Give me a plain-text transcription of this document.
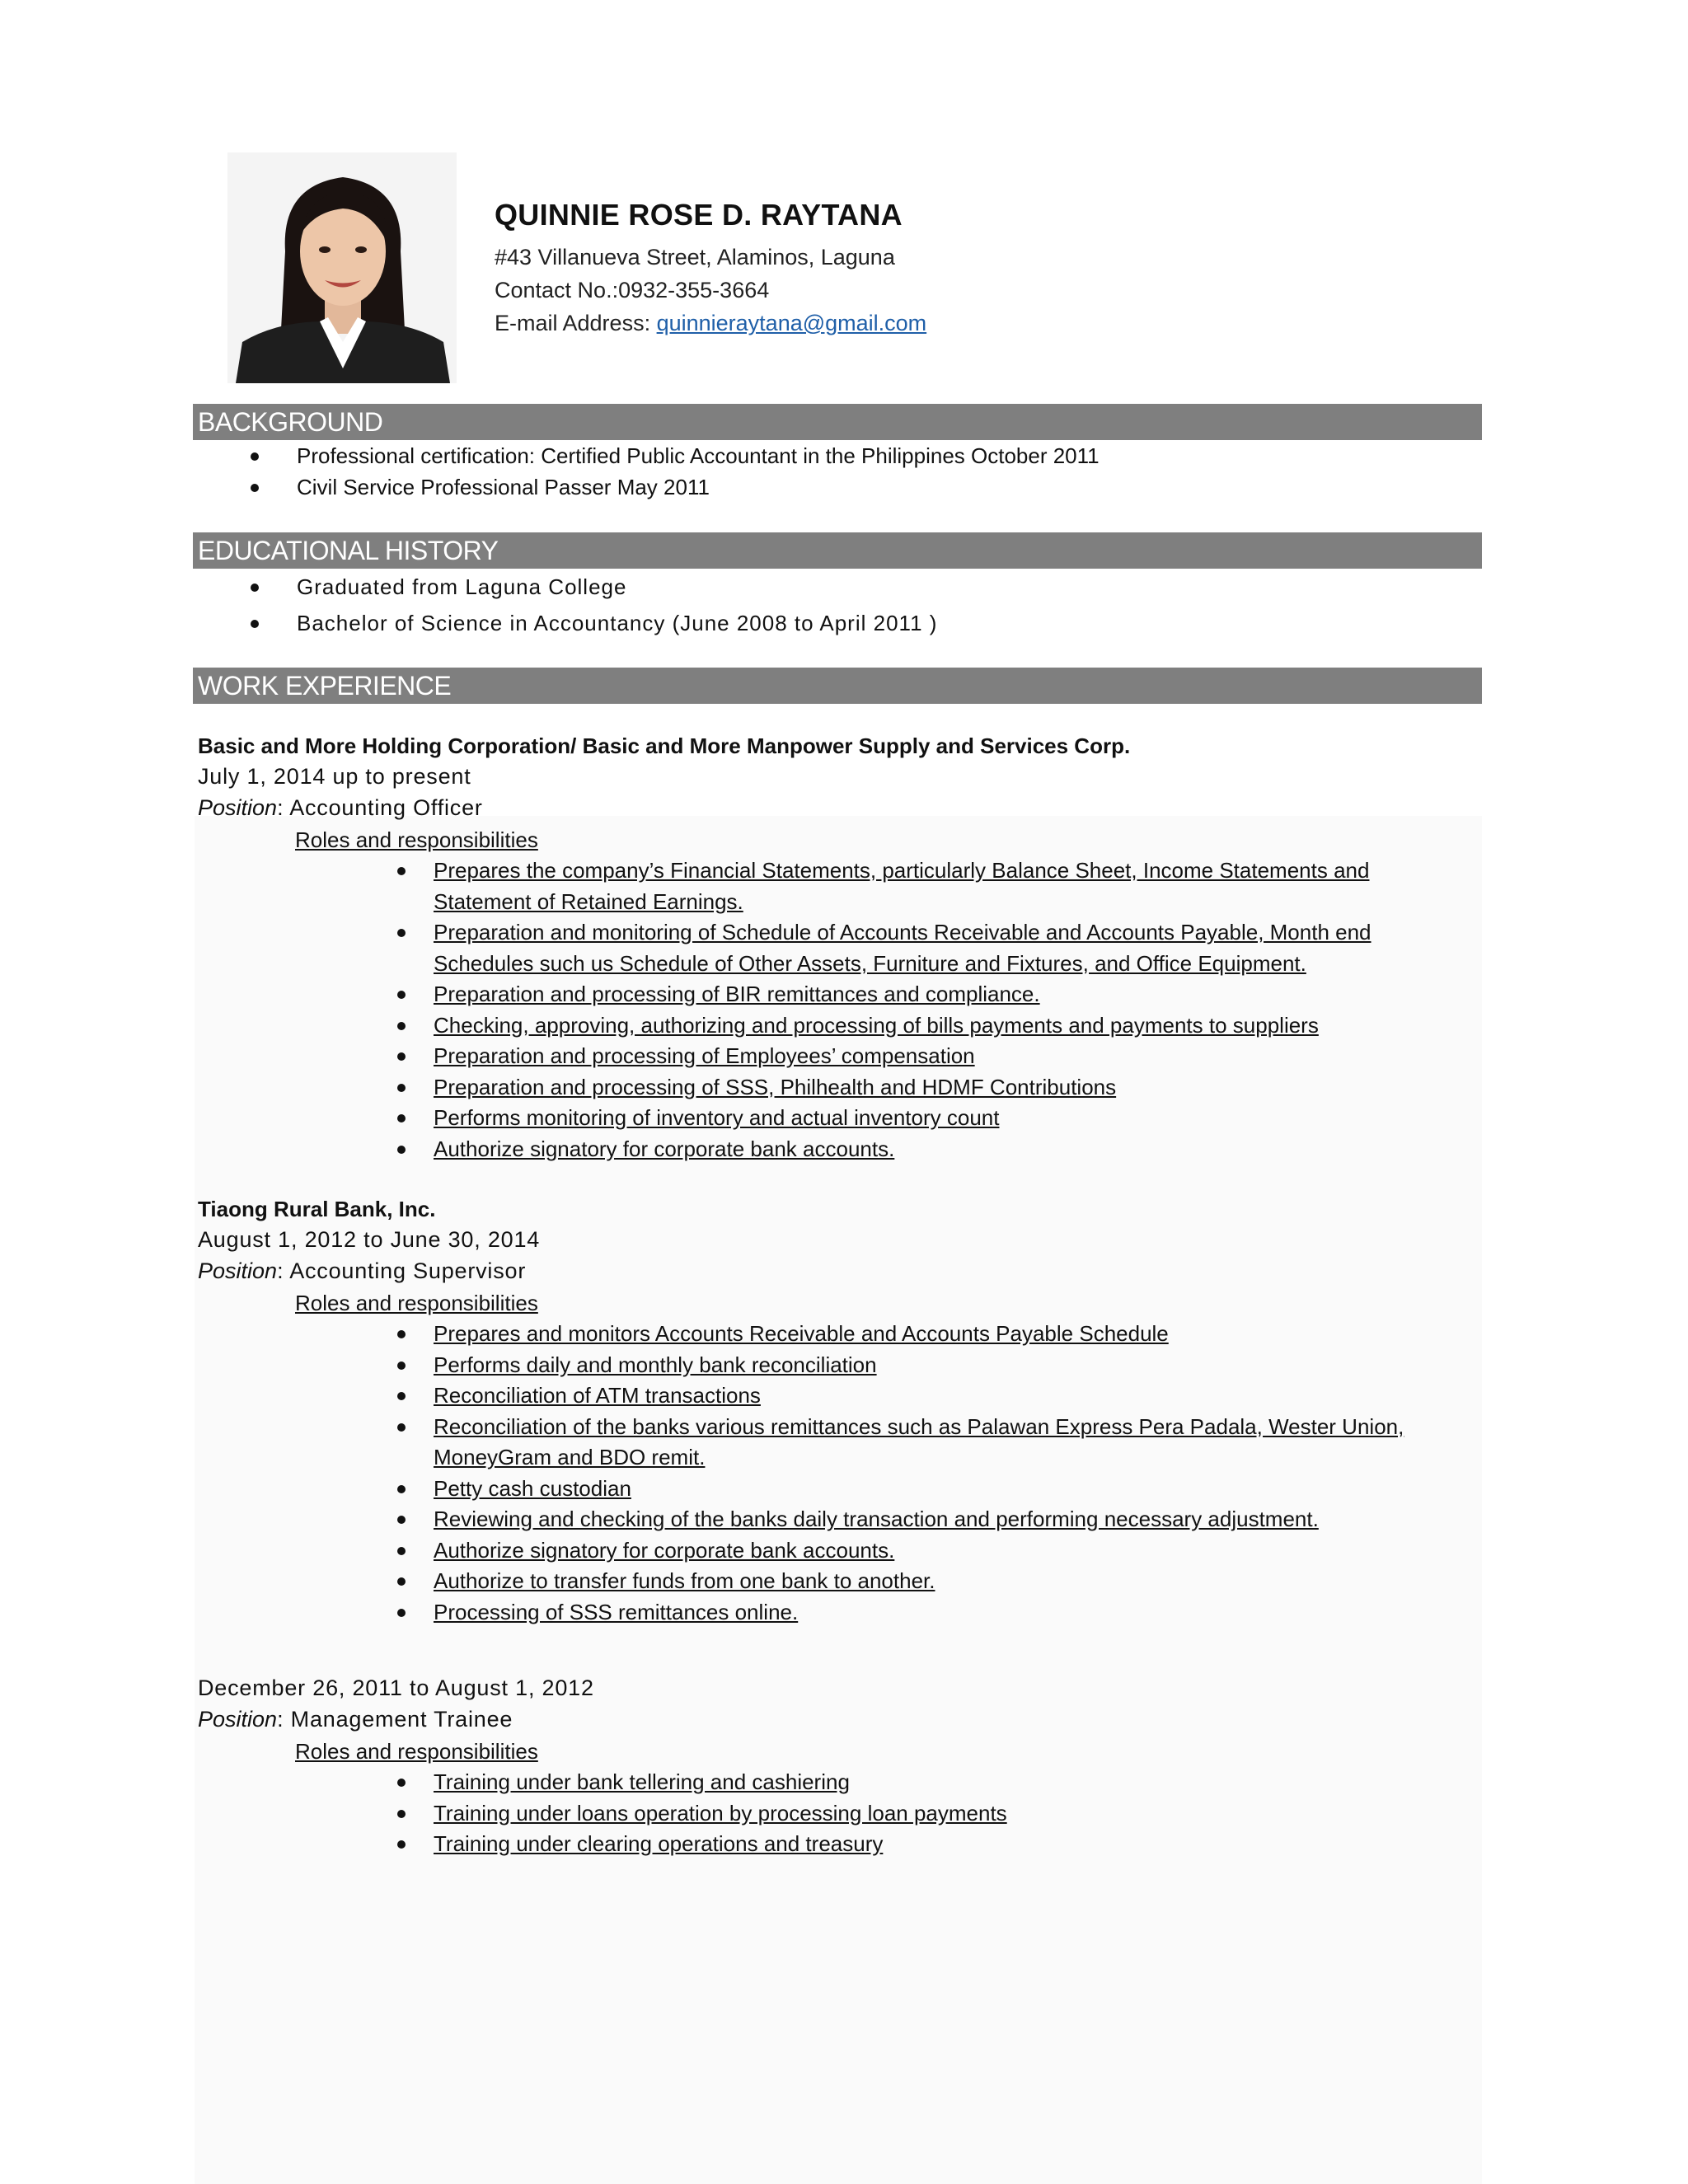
QUINNIE ROSE D. RAYTANA
#43 Villanueva Street, Alaminos, Laguna
Contact No.:0932-355-3664
E-mail Address: quinnieraytana@gmail.com
BACKGROUND
Professional certification: Certified Public Accountant in the Philippines October 2011
Civil Service Professional Passer May 2011
EDUCATIONAL HISTORY
Graduated from Laguna College
Bachelor of Science in Accountancy (June 2008 to April 2011 )
WORK EXPERIENCE
Basic and More Holding Corporation/ Basic and More Manpower Supply and Services Corp.
July 1, 2014 up to present
Position: Accounting Officer
Roles and responsibilities
Prepares the company’s Financial Statements, particularly Balance Sheet, Income Statements and Statement of Retained Earnings.
Preparation and monitoring of Schedule of Accounts Receivable and Accounts Payable, Month end Schedules such us Schedule of Other Assets, Furniture and Fixtures, and Office Equipment.
Preparation and processing of BIR remittances and compliance.
Checking, approving, authorizing and processing of bills payments and payments to suppliers
Preparation and processing of Employees’ compensation
Preparation and processing of SSS, Philhealth and HDMF Contributions
Performs monitoring of inventory and actual inventory count
Authorize signatory for corporate bank accounts.
Tiaong Rural Bank, Inc.
August 1, 2012 to June 30, 2014
Position: Accounting Supervisor
Roles and responsibilities
Prepares and monitors Accounts Receivable and Accounts Payable Schedule
Performs daily and monthly bank reconciliation
Reconciliation of ATM transactions
Reconciliation of the banks various remittances such as Palawan Express Pera Padala, Wester Union, MoneyGram and BDO remit.
Petty cash custodian
Reviewing and checking of the banks daily transaction and performing necessary adjustment.
Authorize signatory for corporate bank accounts.
Authorize to transfer funds from one bank to another.
Processing of SSS remittances online.
December 26, 2011 to August 1, 2012
Position: Management Trainee
Roles and responsibilities
Training under bank tellering and cashiering
Training under loans operation by processing loan payments
Training under clearing operations and treasury
